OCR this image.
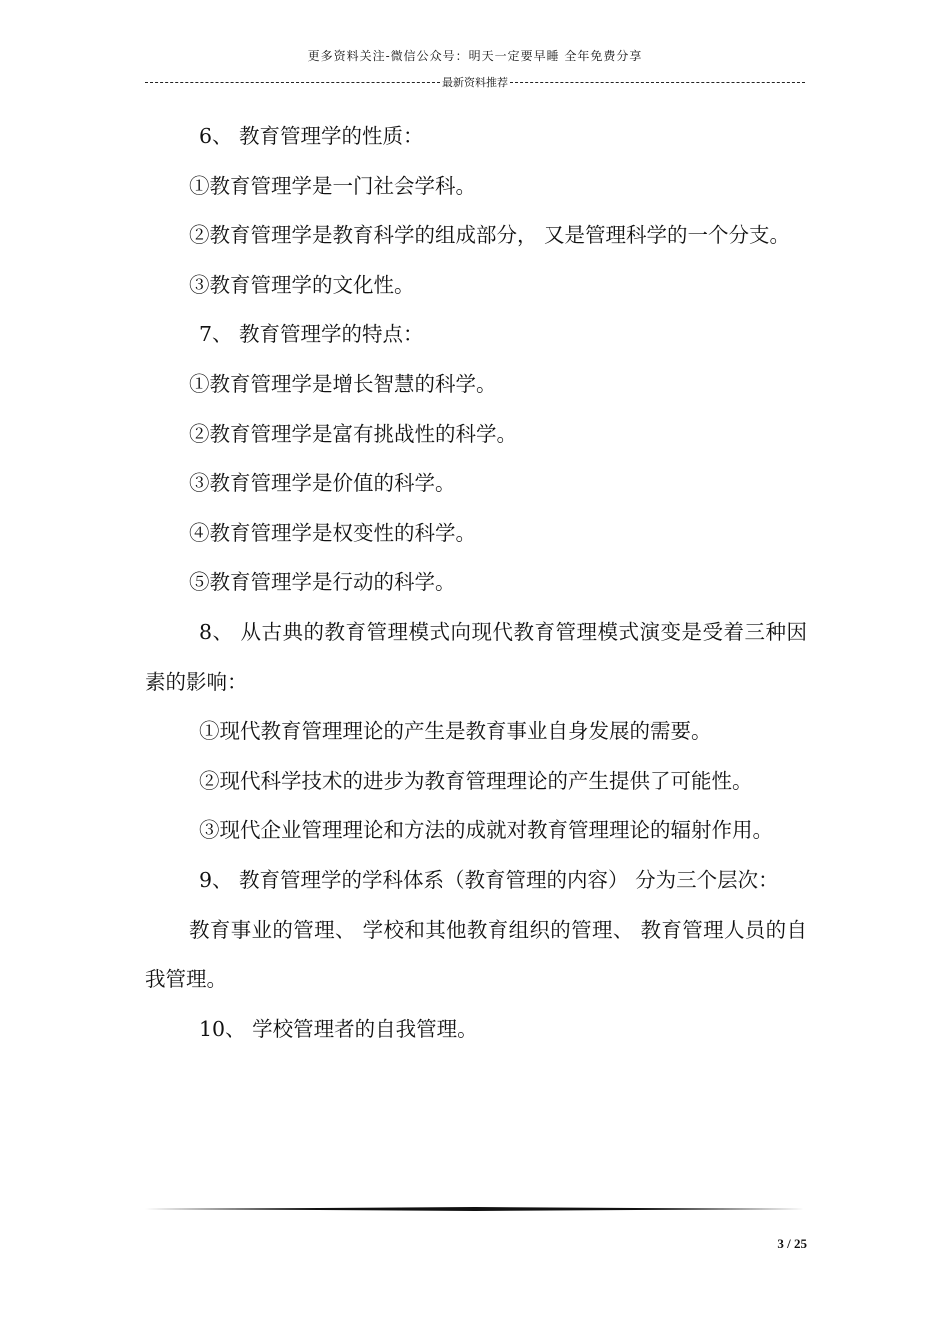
更多资料关注-微信公众号：明天一定要早睡 全年免费分享
最新资料推荐

6、 教育管理学的性质：

①教育管理学是一门社会学科。

②教育管理学是教育科学的组成部分， 又是管理科学的一个分支。

③教育管理学的文化性。

7、 教育管理学的特点：

①教育管理学是增长智慧的科学。

②教育管理学是富有挑战性的科学。

③教育管理学是价值的科学。

④教育管理学是权变性的科学。

⑤教育管理学是行动的科学。

8、 从古典的教育管理模式向现代教育管理模式演变是受着三种因素的影响：

①现代教育管理理论的产生是教育事业自身发展的需要。

②现代科学技术的进步为教育管理理论的产生提供了可能性。

③现代企业管理理论和方法的成就对教育管理理论的辐射作用。

9、 教育管理学的学科体系（教育管理的内容） 分为三个层次：

教育事业的管理、 学校和其他教育组织的管理、 教育管理人员的自我管理。

10、 学校管理者的自我管理。

3 / 25
